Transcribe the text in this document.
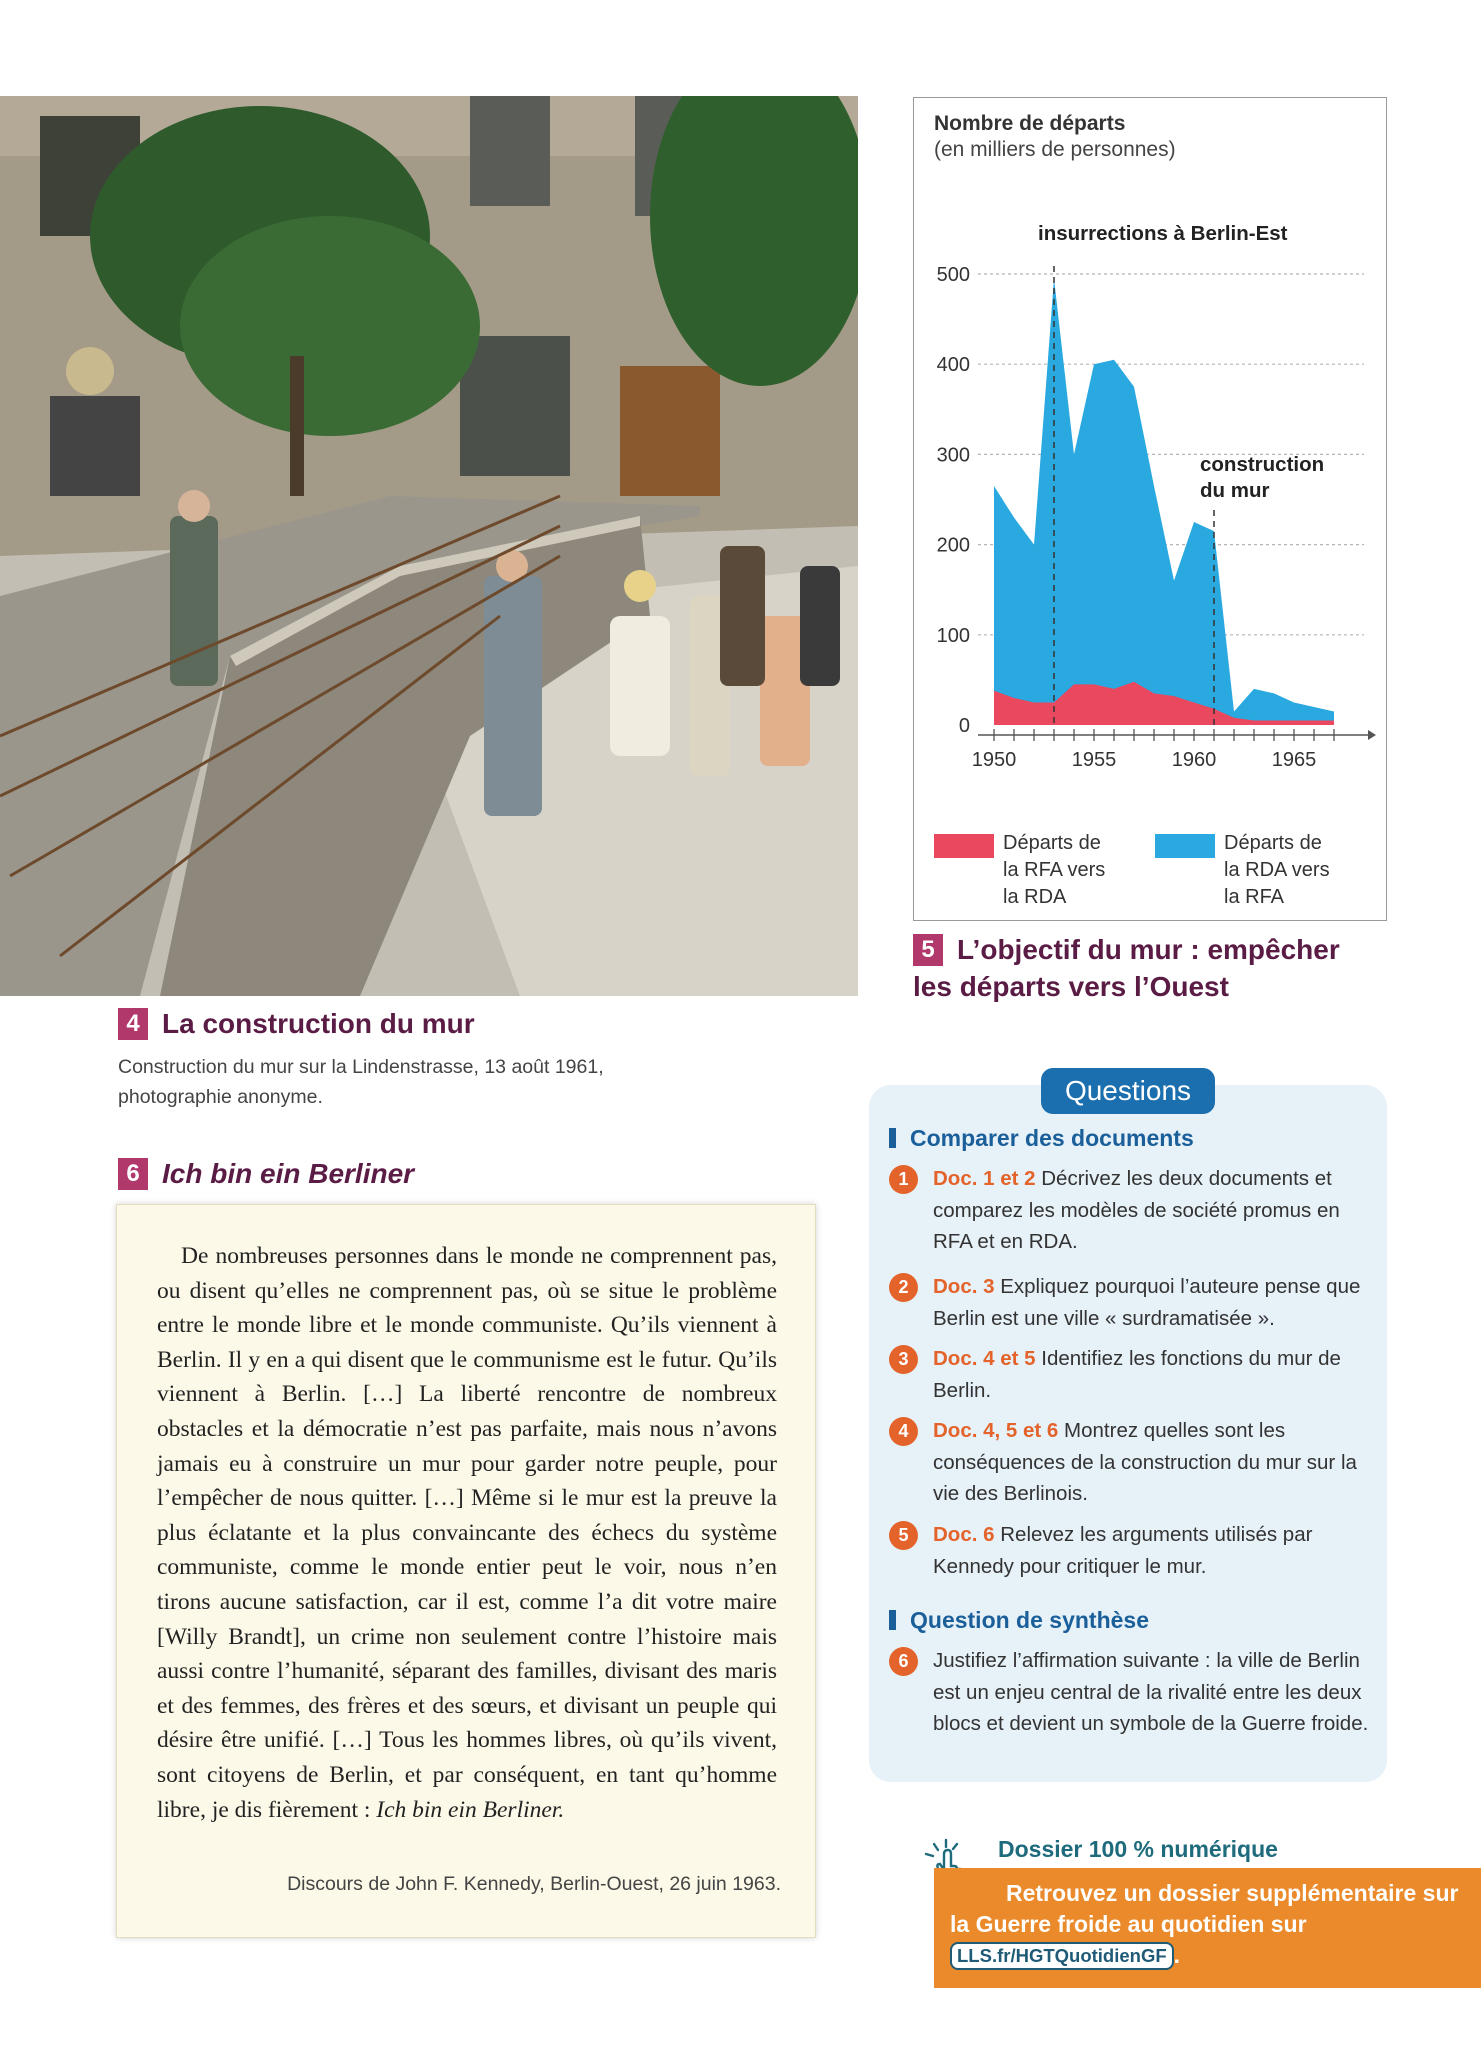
4 La construction du mur
Construction du mur sur la Lindenstrasse, 13 août 1961, photographie anonyme.
Nombre de départs
(en milliers de personnes)
0
100
200
300
400
500
insurrections à Berlin-Est
construction du mur
1950	1955	1960	1965
Départs de
la RFA vers
la RDA
Départs de
la RDA vers
la RFA
5 L’objectif du mur : empêcher
les départs vers l’Ouest
6 Ich bin ein Berliner

De nombreuses personnes dans le monde ne comprennent pas, ou disent qu’elles ne comprennent pas, où se situe le problème entre le monde libre et le monde communiste. Qu’ils viennent à Berlin. Il y en a qui disent que le communisme est le futur. Qu’ils viennent à Berlin. […] La liberté rencontre de nombreux obstacles et la démocratie n’est pas parfaite, mais nous n’avons jamais eu à construire un mur pour garder notre peuple, pour l’empêcher de nous quitter. […] Même si le mur est la preuve la plus éclatante et la plus convaincante des échecs du système communiste, comme le monde entier peut le voir, nous n’en tirons aucune satisfaction, car il est, comme l’a dit votre maire [Willy Brandt], un crime non seulement contre l’histoire mais aussi contre l’humanité, séparant des familles, divisant des maris et des femmes, des frères et des sœurs, et divisant un peuple qui désire être unifié. […] Tous les hommes libres, où qu’ils vivent, sont citoyens de Berlin, et par conséquent, en tant qu’homme libre, je dis fièrement : Ich bin ein Berliner.

Discours de John F. Kennedy, Berlin-Ouest, 26 juin 1963.
Questions
Comparer des documents
1	Doc. 1 et 2 Décrivez les deux documents et comparez les modèles de société promus en RFA et en RDA.
2	Doc. 3 Expliquez pourquoi l’auteure pense que Berlin est une ville « surdramatisée ».
3	Doc. 4 et 5 Identifiez les fonctions du mur de Berlin.
4	Doc. 4, 5 et 6 Montrez quelles sont les conséquences de la construction du mur sur la vie des Berlinois.
5	Doc. 6 Relevez les arguments utilisés par Kennedy pour critiquer le mur.
Question de synthèse
6	Justifiez l’affirmation suivante : la ville de Berlin est un enjeu central de la rivalité entre les deux blocs et devient un symbole de la Guerre froide.
Dossier 100 % numérique
Retrouvez un dossier supplémentaire sur la Guerre froide au quotidien sur LLS.fr/HGTQuotidienGF .
